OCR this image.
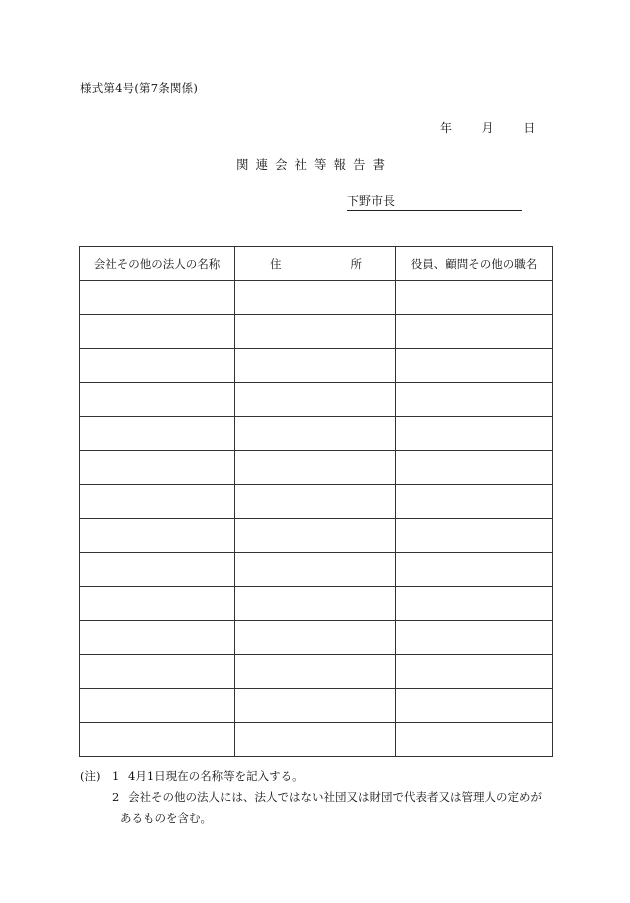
様式第4号(第7条関係)
年 月 日
関連会社等報告書
下野市長
会社その他の法人の名称	住 所	役員、顧問その他の職名

(注)	1 4月1日現在の名称等を記入する。
2 会社その他の法人には、法人ではない社団又は財団で代表者又は管理人の定めが
あるものを含む。
